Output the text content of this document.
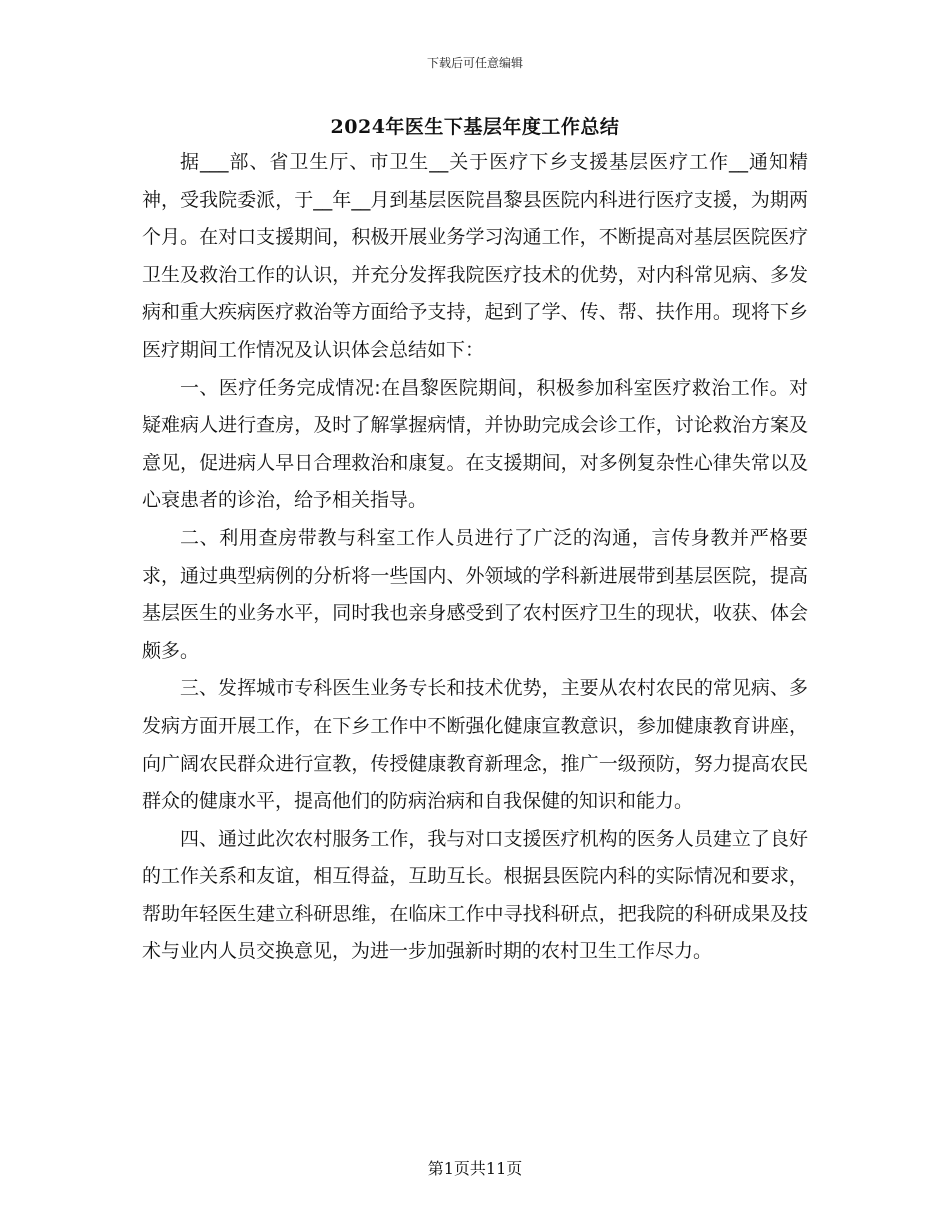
下载后可任意编辑
2024年医生下基层年度工作总结

据___部、省卫生厅、市卫生__关于医疗下乡支援基层医疗工作__通知精神，受我院委派，于__年__月到基层医院昌黎县医院内科进行医疗支援，为期两个月。在对口支援期间，积极开展业务学习沟通工作，不断提高对基层医院医疗卫生及救治工作的认识，并充分发挥我院医疗技术的优势，对内科常见病、多发病和重大疾病医疗救治等方面给予支持，起到了学、传、帮、扶作用。现将下乡医疗期间工作情况及认识体会总结如下：

一、医疗任务完成情况:在昌黎医院期间，积极参加科室医疗救治工作。对疑难病人进行查房，及时了解掌握病情，并协助完成会诊工作，讨论救治方案及意见，促进病人早日合理救治和康复。在支援期间，对多例复杂性心律失常以及心衰患者的诊治，给予相关指导。

二、利用查房带教与科室工作人员进行了广泛的沟通，言传身教并严格要求，通过典型病例的分析将一些国内、外领域的学科新进展带到基层医院，提高基层医生的业务水平，同时我也亲身感受到了农村医疗卫生的现状，收获、体会颇多。

三、发挥城市专科医生业务专长和技术优势，主要从农村农民的常见病、多发病方面开展工作，在下乡工作中不断强化健康宣教意识，参加健康教育讲座，向广阔农民群众进行宣教，传授健康教育新理念，推广一级预防，努力提高农民群众的健康水平，提高他们的防病治病和自我保健的知识和能力。

四、通过此次农村服务工作，我与对口支援医疗机构的医务人员建立了良好的工作关系和友谊，相互得益，互助互长。根据县医院内科的实际情况和要求，帮助年轻医生建立科研思维，在临床工作中寻找科研点，把我院的科研成果及技术与业内人员交换意见，为进一步加强新时期的农村卫生工作尽力。

第1页共11页
